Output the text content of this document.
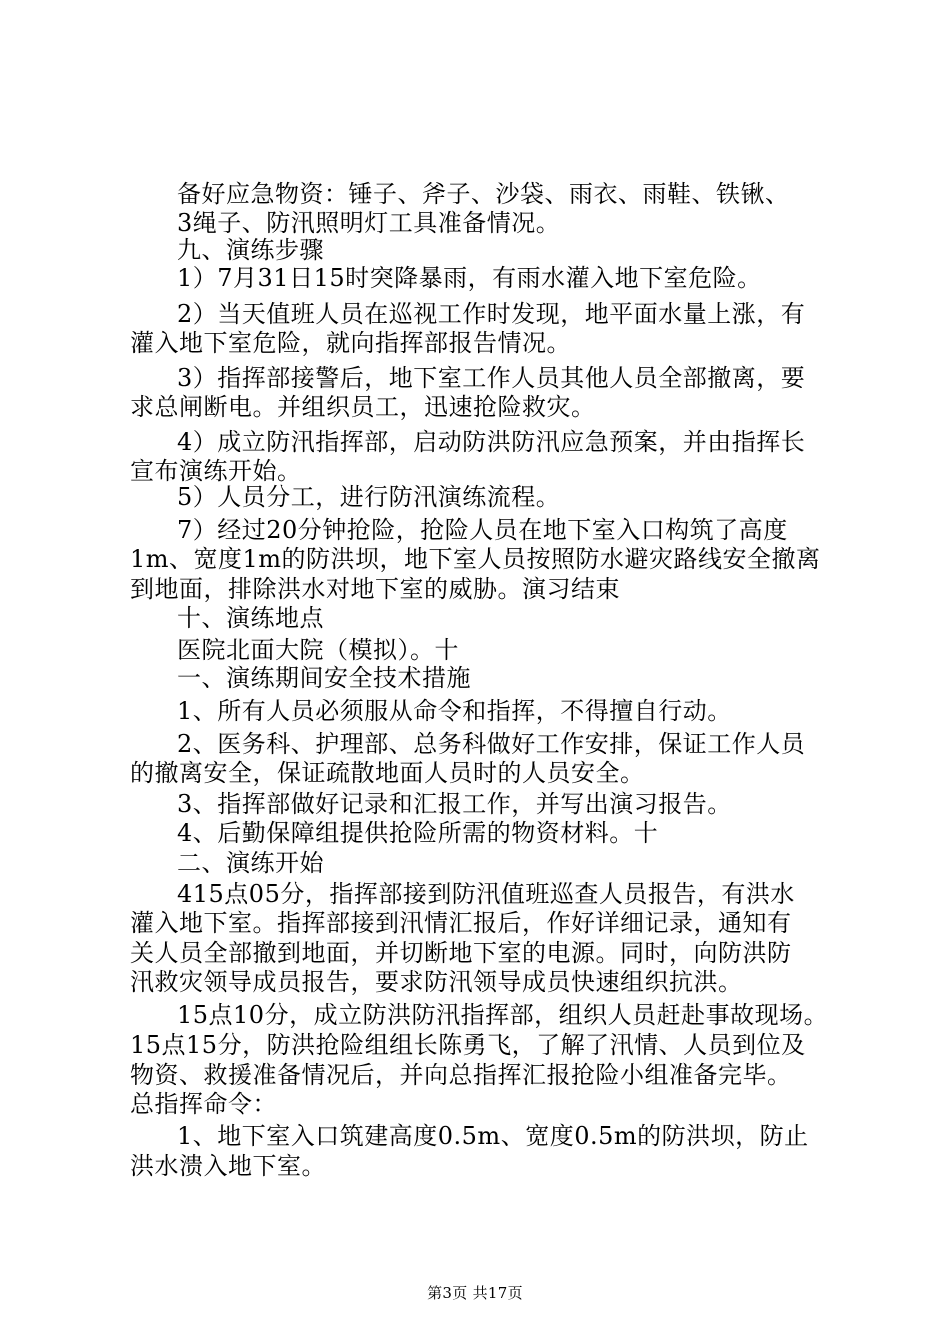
备好应急物资：锤子、斧子、沙袋、雨衣、雨鞋、铁锹、
3绳子、防汛照明灯工具准备情况。
九、演练步骤
1）7月31日15时突降暴雨，有雨水灌入地下室危险。
2）当天值班人员在巡视工作时发现，地平面水量上涨，有
灌入地下室危险，就向指挥部报告情况。
3）指挥部接警后，地下室工作人员其他人员全部撤离，要
求总闸断电。并组织员工，迅速抢险救灾。
4）成立防汛指挥部，启动防洪防汛应急预案，并由指挥长
宣布演练开始。
5）人员分工，进行防汛演练流程。
7）经过20分钟抢险，抢险人员在地下室入口构筑了高度
1m、宽度1m的防洪坝，地下室人员按照防水避灾路线安全撤离
到地面，排除洪水对地下室的威胁。演习结束
十、演练地点
医院北面大院（模拟）。十
一、演练期间安全技术措施
1、所有人员必须服从命令和指挥，不得擅自行动。
2、医务科、护理部、总务科做好工作安排，保证工作人员
的撤离安全，保证疏散地面人员时的人员安全。
3、指挥部做好记录和汇报工作，并写出演习报告。
4、后勤保障组提供抢险所需的物资材料。十
二、演练开始
415点05分，指挥部接到防汛值班巡查人员报告，有洪水
灌入地下室。指挥部接到汛情汇报后，作好详细记录，通知有
关人员全部撤到地面，并切断地下室的电源。同时，向防洪防
汛救灾领导成员报告，要求防汛领导成员快速组织抗洪。
15点10分，成立防洪防汛指挥部，组织人员赶赴事故现场。
15点15分，防洪抢险组组长陈勇飞，了解了汛情、人员到位及
物资、救援准备情况后，并向总指挥汇报抢险小组准备完毕。
总指挥命令：
1、地下室入口筑建高度0.5m、宽度0.5m的防洪坝，防止
洪水溃入地下室。
第3页 共17页
